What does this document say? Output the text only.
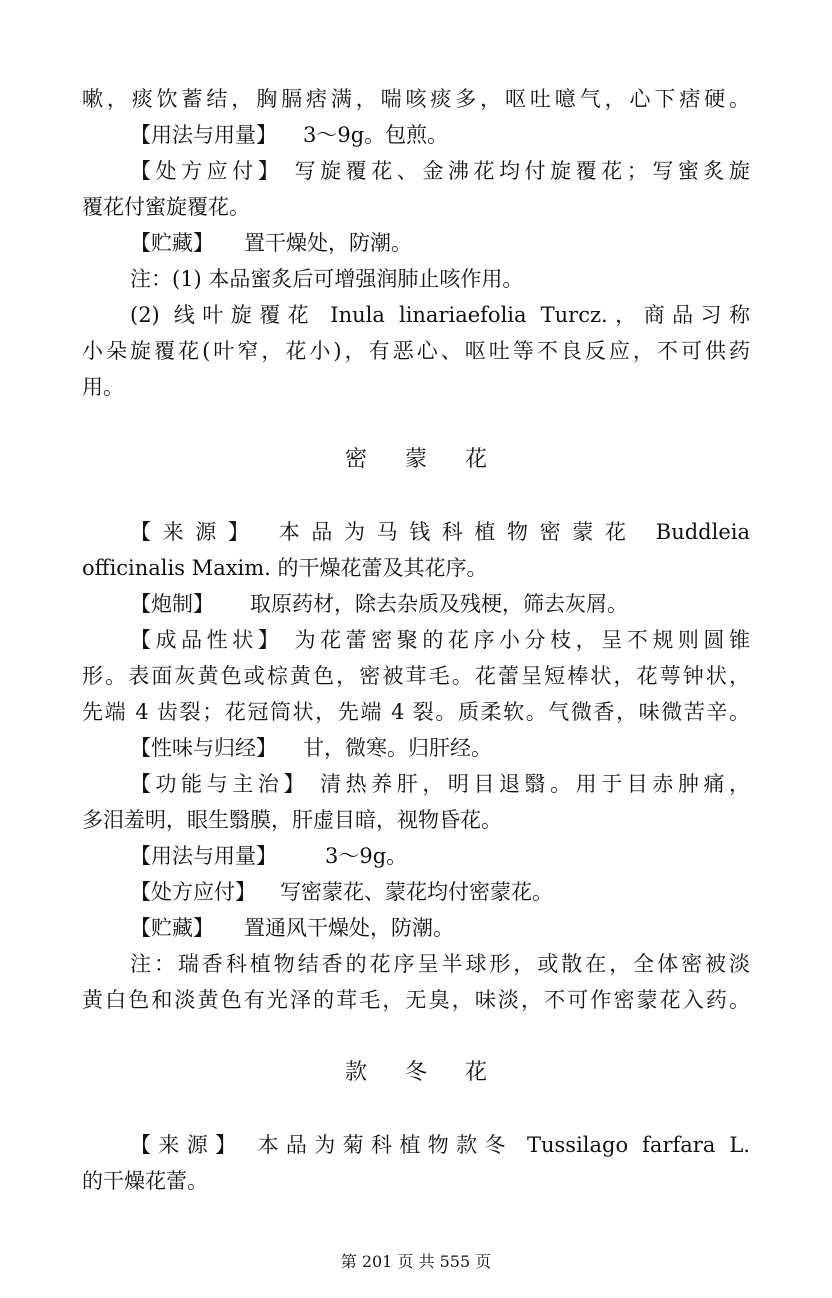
嗽，痰饮蓄结，胸膈痞满，喘咳痰多，呕吐噫气，心下痞硬。
【用法与用量】 3～9g。包煎。
【处方应付】 写旋覆花、金沸花均付旋覆花；写蜜炙旋
覆花付蜜旋覆花。
【贮藏】 置干燥处，防潮。
注：(1) 本品蜜炙后可增强润肺止咳作用。
(2) 线叶旋覆花 Inula linariaefolia Turcz.，商品习称
小朵旋覆花(叶窄，花小)，有恶心、呕吐等不良反应，不可供药
用。
密 蒙 花
【来源】 本品为马钱科植物密蒙花 Buddleia
officinalis Maxim. 的干燥花蕾及其花序。
【炮制】 取原药材，除去杂质及残梗，筛去灰屑。
【成品性状】 为花蕾密聚的花序小分枝，呈不规则圆锥
形。表面灰黄色或棕黄色，密被茸毛。花蕾呈短棒状，花萼钟状，
先端 4 齿裂；花冠筒状，先端 4 裂。质柔软。气微香，味微苦辛。
【性味与归经】 甘，微寒。归肝经。
【功能与主治】 清热养肝，明目退翳。用于目赤肿痛，
多泪羞明，眼生翳膜，肝虚目暗，视物昏花。
【用法与用量】 3～9g。
【处方应付】 写密蒙花、蒙花均付密蒙花。
【贮藏】 置通风干燥处，防潮。
注：瑞香科植物结香的花序呈半球形，或散在，全体密被淡
黄白色和淡黄色有光泽的茸毛，无臭，味淡，不可作密蒙花入药。
款 冬 花
【来源】 本品为菊科植物款冬 Tussilago farfara L.
的干燥花蕾。
第 201 页 共 555 页
